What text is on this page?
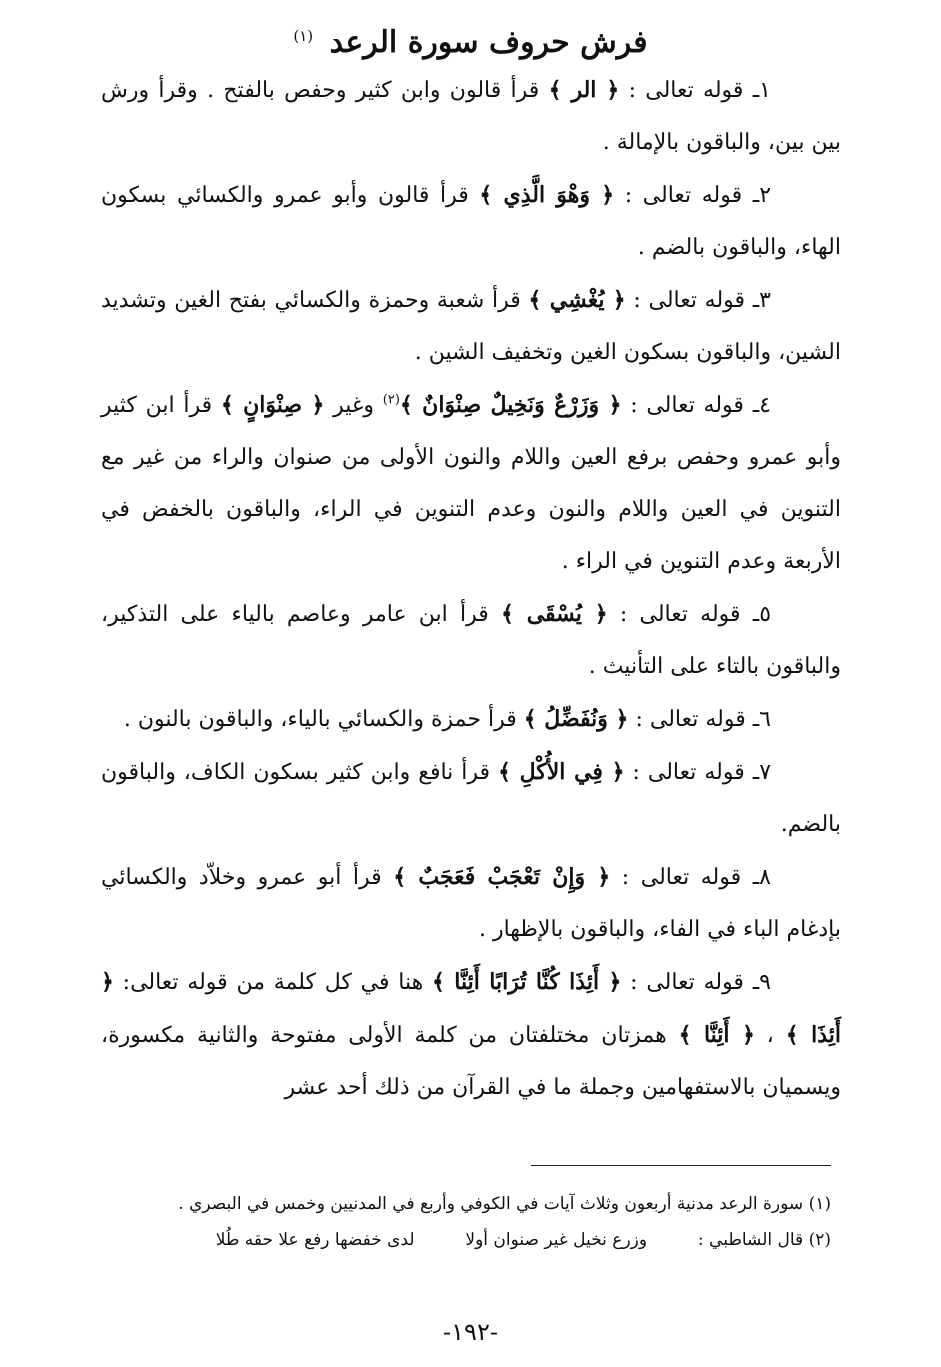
فرش حروف سورة الرعد $^{(١)}$

١ـ قوله تعالى : ﴿ الر ﴾ قرأ قالون وابن كثير وحفص بالفتح . وقرأ ورش بين بين، والباقون بالإمالة .

٢ـ قوله تعالى : ﴿ وَهْوَ الَّذِي ﴾ قرأ قالون وأبو عمرو والكسائي بسكون الهاء، والباقون بالضم .

٣ـ قوله تعالى : ﴿ يُغْشِي ﴾ قرأ شعبة وحمزة والكسائي بفتح الغين وتشديد الشين، والباقون بسكون الغين وتخفيف الشين .

٤ـ قوله تعالى : ﴿ وَزَرْعٌ وَنَخِيلٌ صِنْوَانٌ ﴾$^{(٢)}$ وغير ﴿ صِنْوَانٍ ﴾ قرأ ابن كثير وأبو عمرو وحفص برفع العين واللام والنون الأولى من صنوان والراء من غير مع التنوين في العين واللام والنون وعدم التنوين في الراء، والباقون بالخفض في الأربعة وعدم التنوين في الراء .

٥ـ قوله تعالى : ﴿ يُسْقَى ﴾ قرأ ابن عامر وعاصم بالياء على التذكير، والباقون بالتاء على التأنيث .

٦ـ قوله تعالى : ﴿ وَنُفَضِّلُ ﴾ قرأ حمزة والكسائي بالياء، والباقون بالنون .

٧ـ قوله تعالى : ﴿ فِي الأُكْلِ ﴾ قرأ نافع وابن كثير بسكون الكاف، والباقون بالضم.

٨ـ قوله تعالى : ﴿ وَإِنْ تَعْجَبْ فَعَجَبٌ ﴾ قرأ أبو عمرو وخلاّد والكسائي بإدغام الباء في الفاء، والباقون بالإظهار .

٩ـ قوله تعالى : ﴿ أَئِذَا كُنَّا تُرَابًا أَئِنَّا ﴾ هنا في كل كلمة من قوله تعالى: ﴿ أَئِذَا ﴾ ، ﴿ أَئِنَّا ﴾ همزتان مختلفتان من كلمة الأولى مفتوحة والثانية مكسورة، ويسميان بالاستفهامين وجملة ما في القرآن من ذلك أحد عشر

(١) سورة الرعد مدنية أربعون وثلاث آيات في الكوفي وأربع في المدنيين وخمس في البصري .
(٢) قال الشاطبي :  وزرع نخيل غير صنوان أولا  لدى خفضها رفع علا حقه طُلا
-١٩٢-
